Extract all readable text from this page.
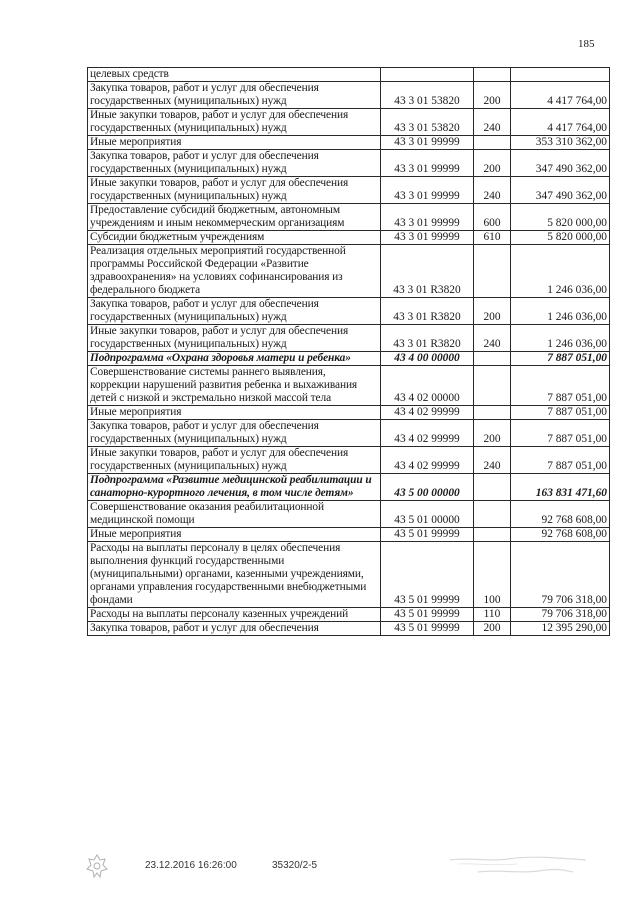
185
целевых средств			
Закупка товаров, работ и услуг для обеспечения государственных (муниципальных) нужд	43 3 01 53820	200	4 417 764,00
Иные закупки товаров, работ и услуг для обеспечения государственных (муниципальных) нужд	43 3 01 53820	240	4 417 764,00
Иные мероприятия	43 3 01 99999		353 310 362,00
Закупка товаров, работ и услуг для обеспечения государственных (муниципальных) нужд	43 3 01 99999	200	347 490 362,00
Иные закупки товаров, работ и услуг для обеспечения государственных (муниципальных) нужд	43 3 01 99999	240	347 490 362,00
Предоставление субсидий бюджетным, автономным учреждениям и иным некоммерческим организациям	43 3 01 99999	600	5 820 000,00
Субсидии бюджетным учреждениям	43 3 01 99999	610	5 820 000,00
Реализация отдельных мероприятий государственной программы Российской Федерации «Развитие здравоохранения» на условиях софинансирования из федерального бюджета	43 3 01 R3820		1 246 036,00
Закупка товаров, работ и услуг для обеспечения государственных (муниципальных) нужд	43 3 01 R3820	200	1 246 036,00
Иные закупки товаров, работ и услуг для обеспечения государственных (муниципальных) нужд	43 3 01 R3820	240	1 246 036,00
Подпрограмма «Охрана здоровья матери и ребенка»	43 4 00 00000		7 887 051,00
Совершенствование системы раннего выявления, коррекции нарушений развития ребенка и выхаживания детей с низкой и экстремально низкой массой тела	43 4 02 00000		7 887 051,00
Иные мероприятия	43 4 02 99999		7 887 051,00
Закупка товаров, работ и услуг для обеспечения государственных (муниципальных) нужд	43 4 02 99999	200	7 887 051,00
Иные закупки товаров, работ и услуг для обеспечения государственных (муниципальных) нужд	43 4 02 99999	240	7 887 051,00
Подпрограмма «Развитие медицинской реабилитации и санаторно-курортного лечения, в том числе детям»	43 5 00 00000		163 831 471,60
Совершенствование оказания реабилитационной медицинской помощи	43 5 01 00000		92 768 608,00
Иные мероприятия	43 5 01 99999		92 768 608,00
Расходы на выплаты персоналу в целях обеспечения выполнения функций государственными (муниципальными) органами, казенными учреждениями, органами управления государственными внебюджетными фондами	43 5 01 99999	100	79 706 318,00
Расходы на выплаты персоналу казенных учреждений	43 5 01 99999	110	79 706 318,00
Закупка товаров, работ и услуг для обеспечения	43 5 01 99999	200	12 395 290,00
23.12.2016 16:26:00	35320/2-5
